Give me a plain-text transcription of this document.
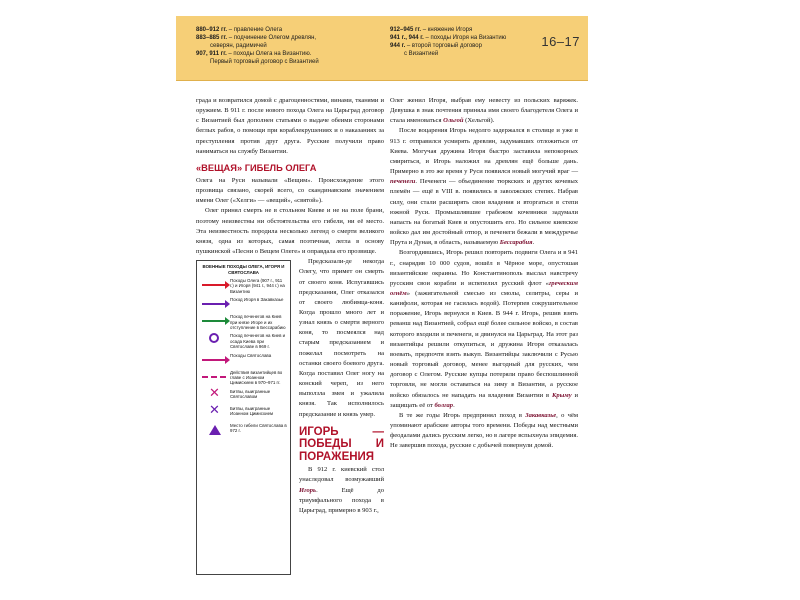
880–912 гг. – правление Олега
883–885 гг. – подчинение Олегом древлян,
северян, радимичей
907, 911 гг. – походы Олега на Византию.
Первый торговый договор с Византией
912–945 гг. – княжение Игоря
941 г., 944 г. – походы Игоря на Византию
944 г. – второй торговый договор
с Византией
16–17

града и возвратился домой с драгоценностями, винами, тканями и оружием. В 911 г. после нового похода Олега на Царьград договор с Византией был дополнен статьями о выдаче обеими сторонами беглых рабов, о помощи при кораблекрушениях и о наказаниях за преступления против друг друга. Русские получили право наниматься на службу Византии.

«ВЕЩАЯ» ГИБЕЛЬ ОЛЕГА

Олега на Руси называли «Вещим». Происхождение этого прозвища связано, скорей всего, со скандинавским значением имени Олег («Хелги» — «вещий», «святой»).

Олег принял смерть не в стольном Киеве и не на поле брани, поэтому неизвестны ни обстоятельства его гибели, ни её место. Эта неизвестность породила несколько легенд о смерти великого князя, одна из которых, самая поэтичная, легла в основу пушкинской «Песни о Вещем Олеге» и оправдала его прозвище.

ВОЕННЫЕ ПОХОДЫ ОЛЕГА, ИГОРЯ И СВЯТОСЛАВА
Походы Олега (907 г., 911 г.) и Игоря (941 г., 944 г.) на Византию
Поход Игоря в Закавказье
Поход печенегов на Киев при князе Игоре и их отступление в Бессарабию
Поход печенегов на Киев и осада Киева при Святославе в 969 г.
Походы Святослава
Действия византийцев во главе с Иоанном Цимисхием в 970–971 гг.
✕ Битвы, выигранные Святославом
✕ Битвы, выигранные Иоанном Цимисхием
Место гибели Святослава в 972 г.

Предсказали-де некогда Олегу, что примет он смерть от своего коня. Испугавшись предсказания, Олег отказался от своего любимца-коня. Когда прошло много лет и узнал князь о смерти верного коня, то посмеялся над старым предсказанием и пожелал посмотреть на останки своего боевого друга. Когда поставил Олег ногу на конский череп, из него выползла змея и ужалила князя. Так исполнилось предсказание и князь умер.

ИГОРЬ — ПОБЕДЫ И ПОРАЖЕНИЯ

В 912 г. киевский стол унаследовал возмужавший Игорь. Ещё до триумфального похода в Царьград, примерно в 903 г.,

Олег женил Игоря, выбрав ему невесту из польских варяжек. Девушка в знак почтения приняла имя своего благодетеля Олега и стала именоваться Ольгой (Хельгой).

После воцарения Игорь недолго задержался в столице и уже в 913 г. отправился усмирять древлян, задумавших отложиться от Киева. Могучая дружина Игоря быстро заставила непокорных смириться, и Игорь наложил на древлян ещё больше дань. Примерно в это же время у Руси появился новый могучий враг — печенеги. Печенеги — объединение тюркских и других кочевых племён — ещё в VIII в. появились в заволжских степях. Набрав силу, они стали расширять свои владения и вторгаться в степи южной Руси. Промышлявшие грабежом кочевники задумали напасть на богатый Киев и опустошить его. Но сильное киевское войско дал им достойный отпор, и печенеги бежали в междуречье Прута и Дуная, в область, называемую Бессарабия.

Возгордившись, Игорь решил повторить подвиги Олега и в 941 г., снарядив 10 000 судов, вошёл в Чёрное море, опустошая византийские окраины. Но Константинополь выслал навстречу русским свои корабли и испепелил русский флот «греческим огнём» (зажигательной смесью из смолы, селитры, серы и канифоли, которая не гасилась водой). Потерпев сокрушительное поражение, Игорь вернулся в Киев. В 944 г. Игорь, решив взять реванш над Византией, собрал ещё более сильное войско, в состав которого входили и печенеги, и двинулся на Царьград. На этот раз византийцы решили откупиться, и дружина Игоря отказалась воевать, предпочтя взять выкуп. Византийцы заключили с Русью новый торговый договор, менее выгодный для русских, чем договор с Олегом. Русские купцы потеряли право беспошлинной торговли, не могли оставаться на зиму в Византии, а русское войско обязалось не нападать на владения Византии в Крыму и защищать её от болгар.

В те же годы Игорь предпринял поход в Закавказье, о чём упоминают арабские авторы того времени. Победы над местными феодалами дались русским легко, но в лагере вспыхнула эпидемия. Не завершив похода, русские с добычей повернули домой.
